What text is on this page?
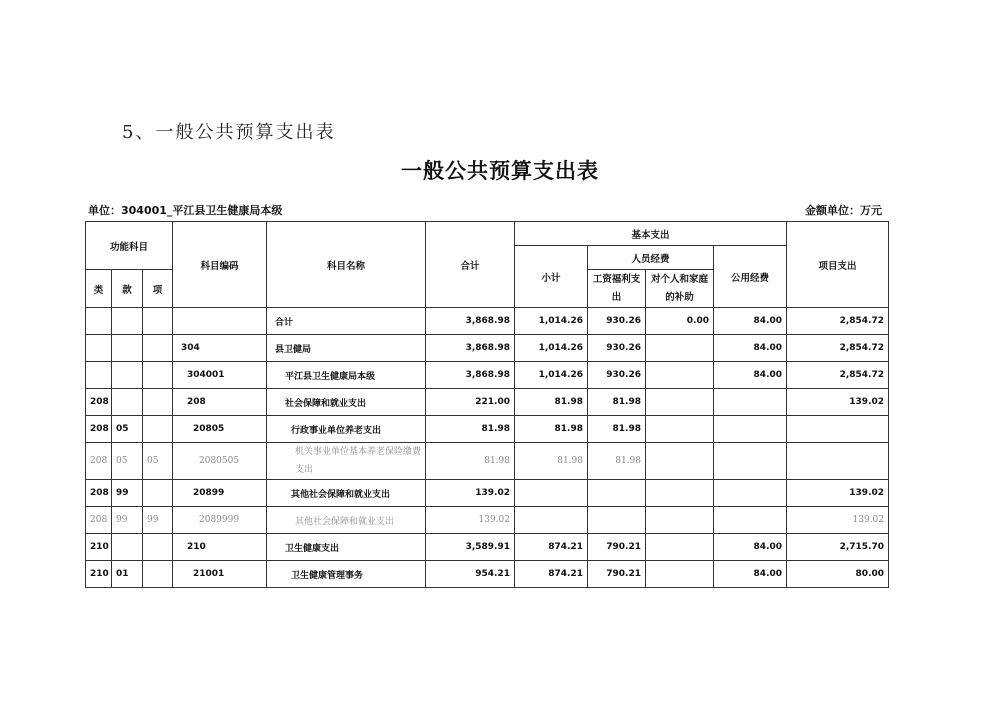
5、一般公共预算支出表
一般公共预算支出表
单位：304001_平江县卫生健康局本级	金额单位：万元
功能科目			科目编码	科目名称	合计	基本支出				项目支出
						小计	人员经费		公用经费	
类	款	项					工资福利支出	对个人和家庭的补助		

				合计	3,868.98	1,014.26	930.26	0.00	84.00	2,854.72
			304	县卫健局	3,868.98	1,014.26	930.26		84.00	2,854.72
			304001	平江县卫生健康局本级	3,868.98	1,014.26	930.26		84.00	2,854.72
208			208	社会保障和就业支出	221.00	81.98	81.98			139.02
208	05		20805	行政事业单位养老支出	81.98	81.98	81.98			
208	05	05	2080505	机关事业单位基本养老保险缴费支出	81.98	81.98	81.98			
208	99		20899	其他社会保障和就业支出	139.02					139.02
208	99	99	2089999	其他社会保障和就业支出	139.02					139.02
210			210	卫生健康支出	3,589.91	874.21	790.21		84.00	2,715.70
210	01		21001	卫生健康管理事务	954.21	874.21	790.21		84.00	80.00
